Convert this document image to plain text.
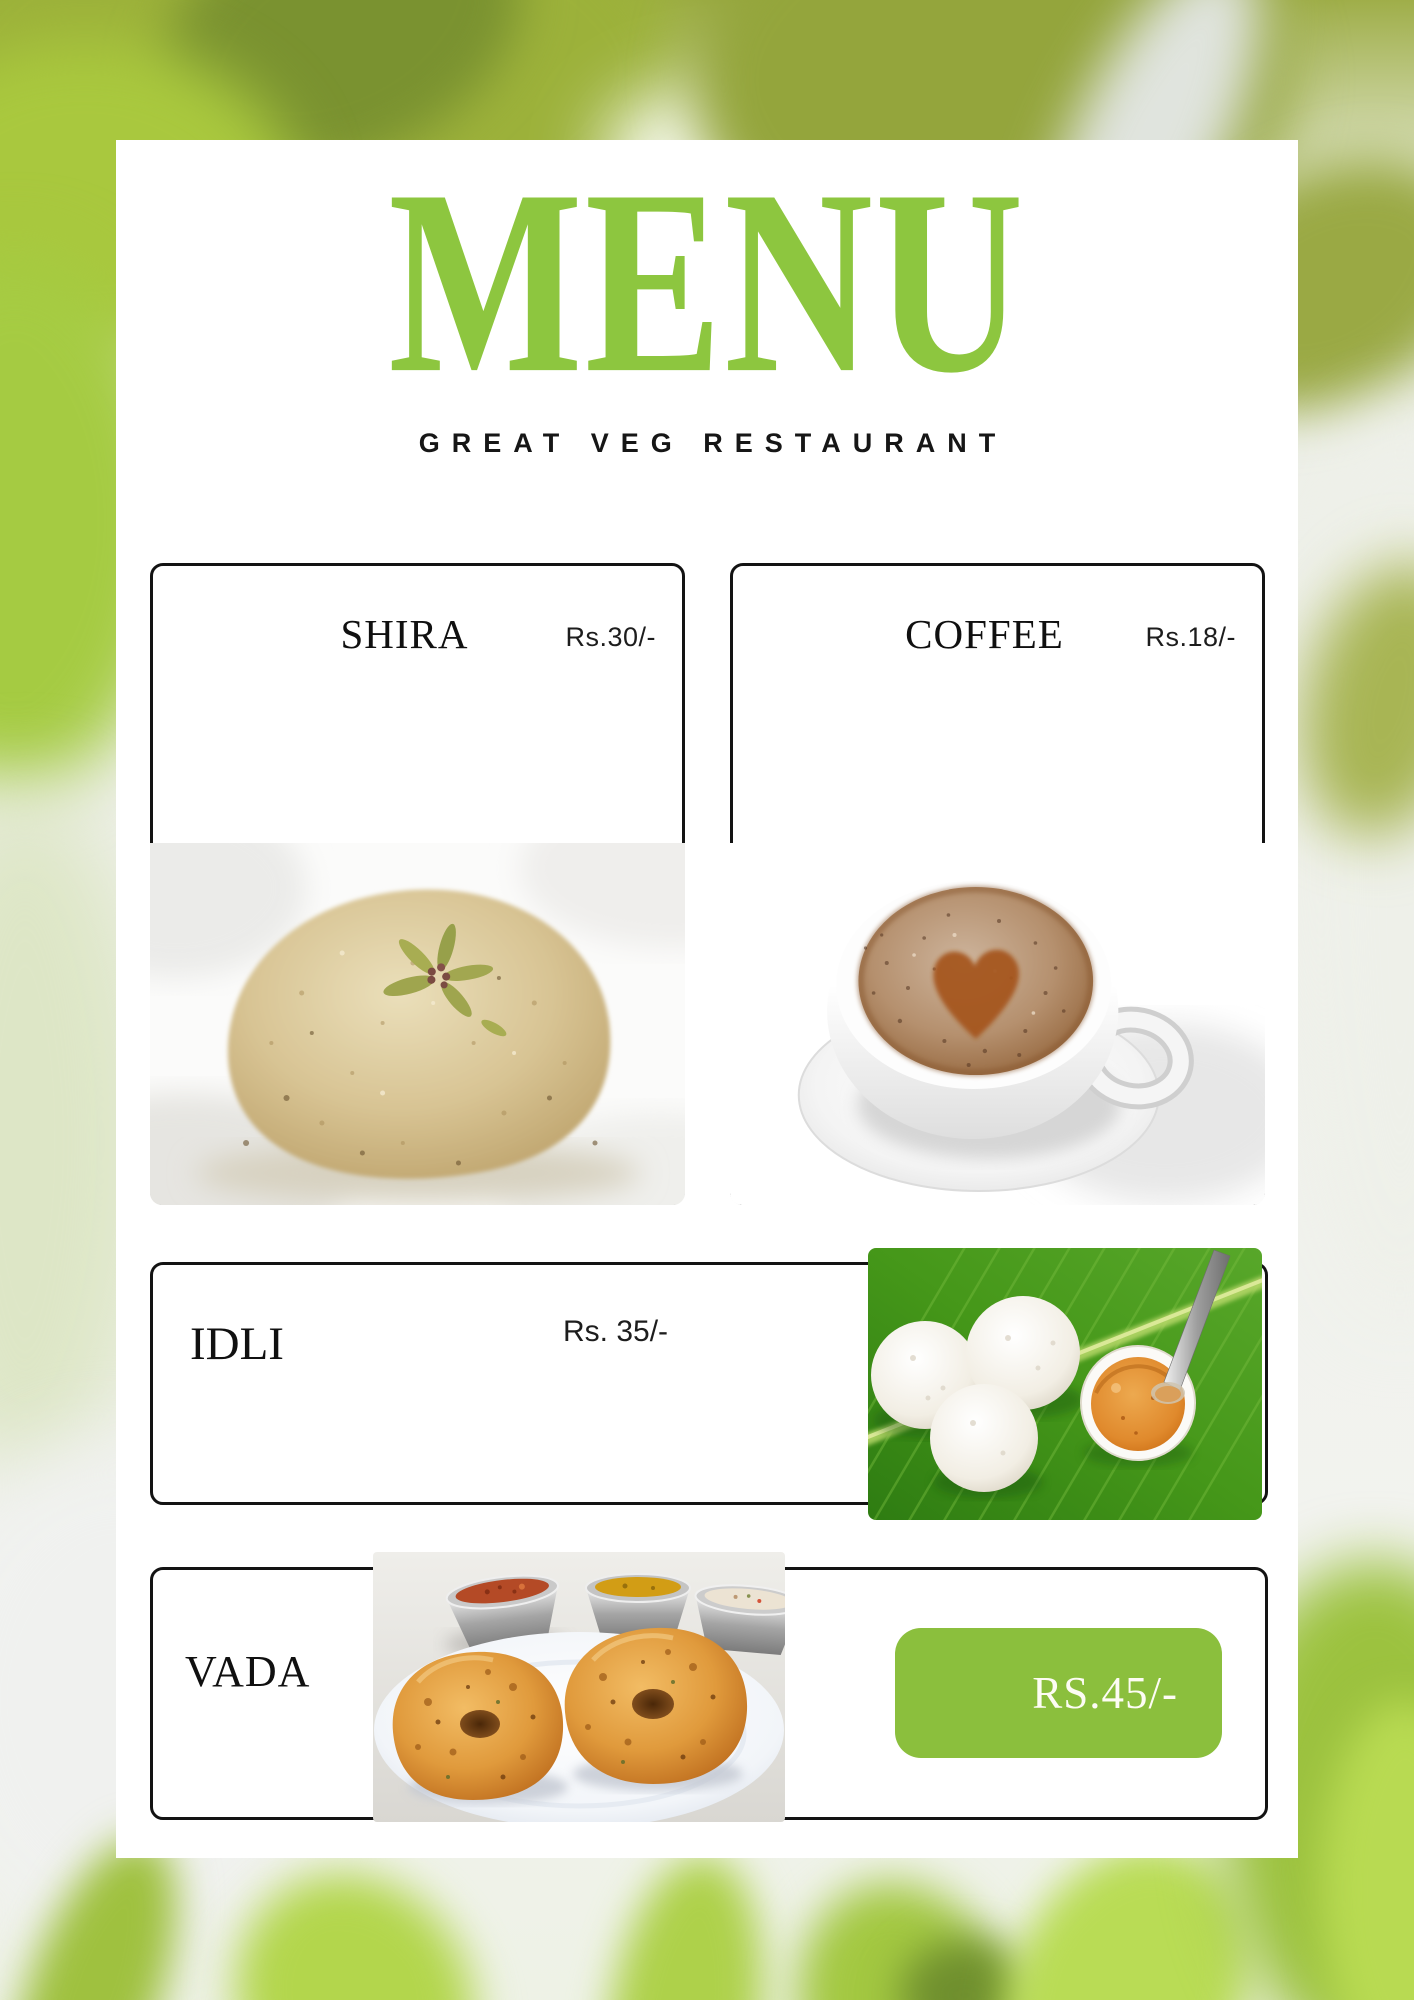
MENU
GREAT VEG RESTAURANT
SHIRA	Rs.30/-	COFFEE	Rs.18/-
IDLI	Rs. 35/-
VADA	RS.45/-
